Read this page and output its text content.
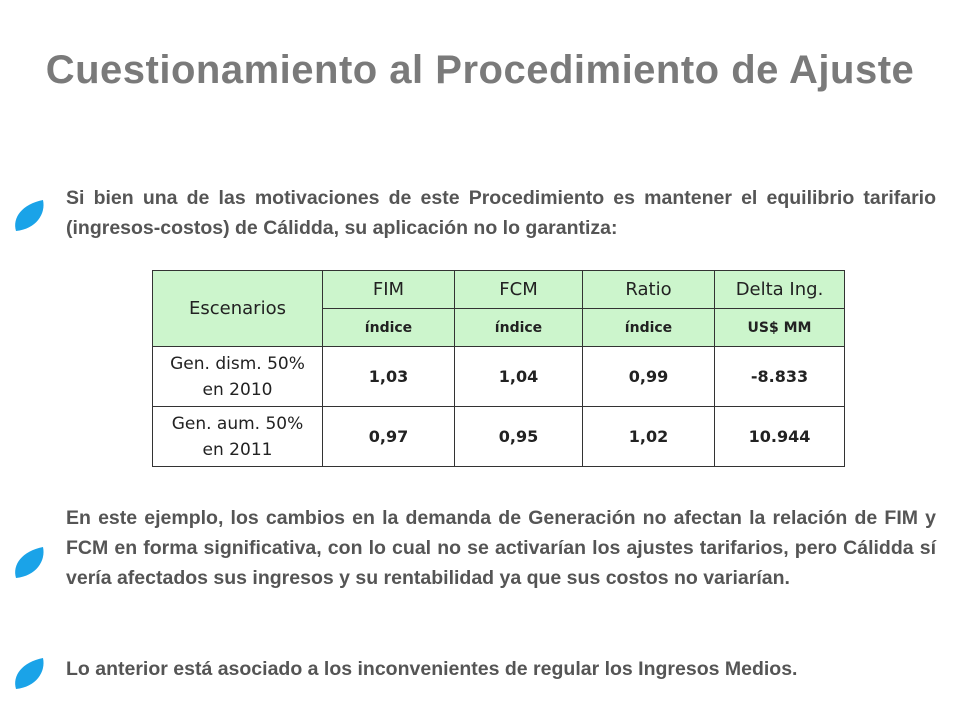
Cuestionamiento al Procedimiento de Ajuste
Si bien una de las motivaciones de este Procedimiento es mantener el equilibrio tarifario (ingresos-costos) de Cálidda, su aplicación no lo garantiza:
Escenarios	FIM	FCM	Ratio	Delta Ing.
	índice	índice	índice	US$ MM

Gen. dism. 50%
en 2010	1,03	1,04	0,99	-8.833

Gen. aum. 50%
en 2011	0,97	0,95	1,02	10.944
En este ejemplo, los cambios en la demanda de Generación no afectan la relación de FIM y FCM en forma significativa, con lo cual no se activarían los ajustes tarifarios, pero Cálidda sí vería afectados sus ingresos y su rentabilidad ya que sus costos no variarían.
Lo anterior está asociado a los inconvenientes de regular los Ingresos Medios.
